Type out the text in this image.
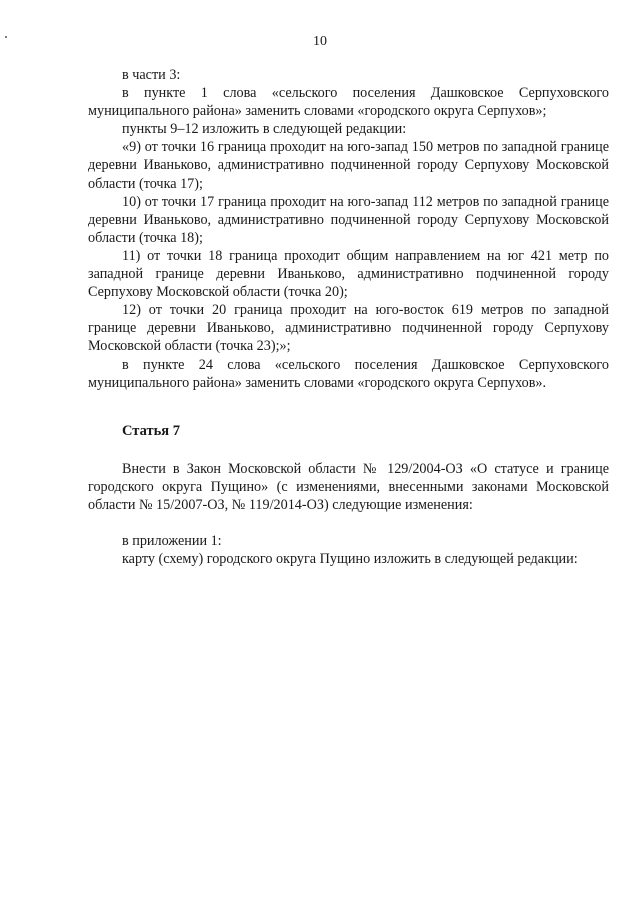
10

в части 3:

в пункте 1 слова «сельского поселения Дашковское Серпуховского муниципального района» заменить словами «городского округа Серпухов»;

пункты 9–12 изложить в следующей редакции:

«9) от точки 16 граница проходит на юго-запад 150 метров по западной границе деревни Иваньково, административно подчиненной городу Серпухову Московской области (точка 17);

10) от точки 17 граница проходит на юго-запад 112 метров по западной границе деревни Иваньково, административно подчиненной городу Серпухову Московской области (точка 18);

11) от точки 18 граница проходит общим направлением на юг 421 метр по западной границе деревни Иваньково, административно подчиненной городу Серпухову Московской области (точка 20);

12) от точки 20 граница проходит на юго-восток 619 метров по западной границе деревни Иваньково, административно подчиненной городу Серпухову Московской области (точка 23);»;

в пункте 24 слова «сельского поселения Дашковское Серпуховского муниципального района» заменить словами «городского округа Серпухов».

Статья 7

Внести в Закон Московской области № 129/2004-ОЗ «О статусе и границе городского округа Пущино» (с изменениями, внесенными законами Московской области № 15/2007-ОЗ, № 119/2014-ОЗ) следующие изменения:

в приложении 1:

карту (схему) городского округа Пущино изложить в следующей редакции:
